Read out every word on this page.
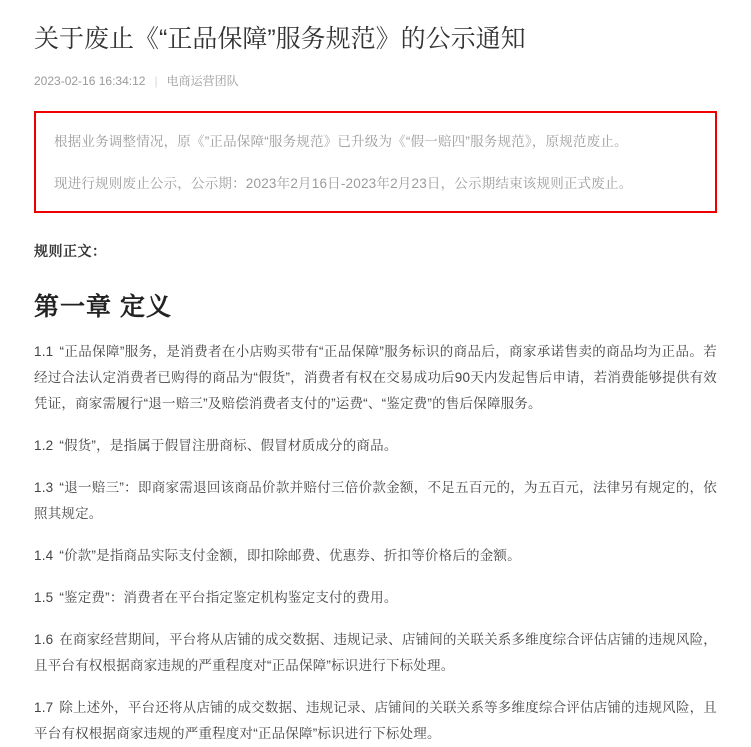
关于废止《“正品保障”服务规范》的公示通知
2023-02-16 16:34:12 | 电商运营团队

根据业务调整情况，原《”正品保障“服务规范》已升级为《“假一赔四”服务规范》，原规范废止。

现进行规则废止公示，公示期：2023年2月16日-2023年2月23日，公示期结束该规则正式废止。

规则正文：
第一章 定义

1.1 “正品保障”服务，是消费者在小店购买带有“正品保障”服务标识的商品后，商家承诺售卖的商品均为正品。若经过合法认定消费者已购得的商品为“假货”，消费者有权在交易成功后90天内发起售后申请，若消费能够提供有效凭证，商家需履行“退一赔三”及赔偿消费者支付的”运费“、“鉴定费”的售后保障服务。

1.2 “假货”，是指属于假冒注册商标、假冒材质成分的商品。

1.3 “退一赔三”：即商家需退回该商品价款并赔付三倍价款金额，不足五百元的，为五百元，法律另有规定的，依照其规定。

1.4 “价款”是指商品实际支付金额，即扣除邮费、优惠券、折扣等价格后的金额。

1.5 “鉴定费”：消费者在平台指定鉴定机构鉴定支付的费用。

1.6 在商家经营期间，平台将从店铺的成交数据、违规记录、店铺间的关联关系多维度综合评估店铺的违规风险，且平台有权根据商家违规的严重程度对“正品保障”标识进行下标处理。

1.7 除上述外，平台还将从店铺的成交数据、违规记录、店铺间的关联关系等多维度综合评估店铺的违规风险，且平台有权根据商家违规的严重程度对“正品保障”标识进行下标处理。
